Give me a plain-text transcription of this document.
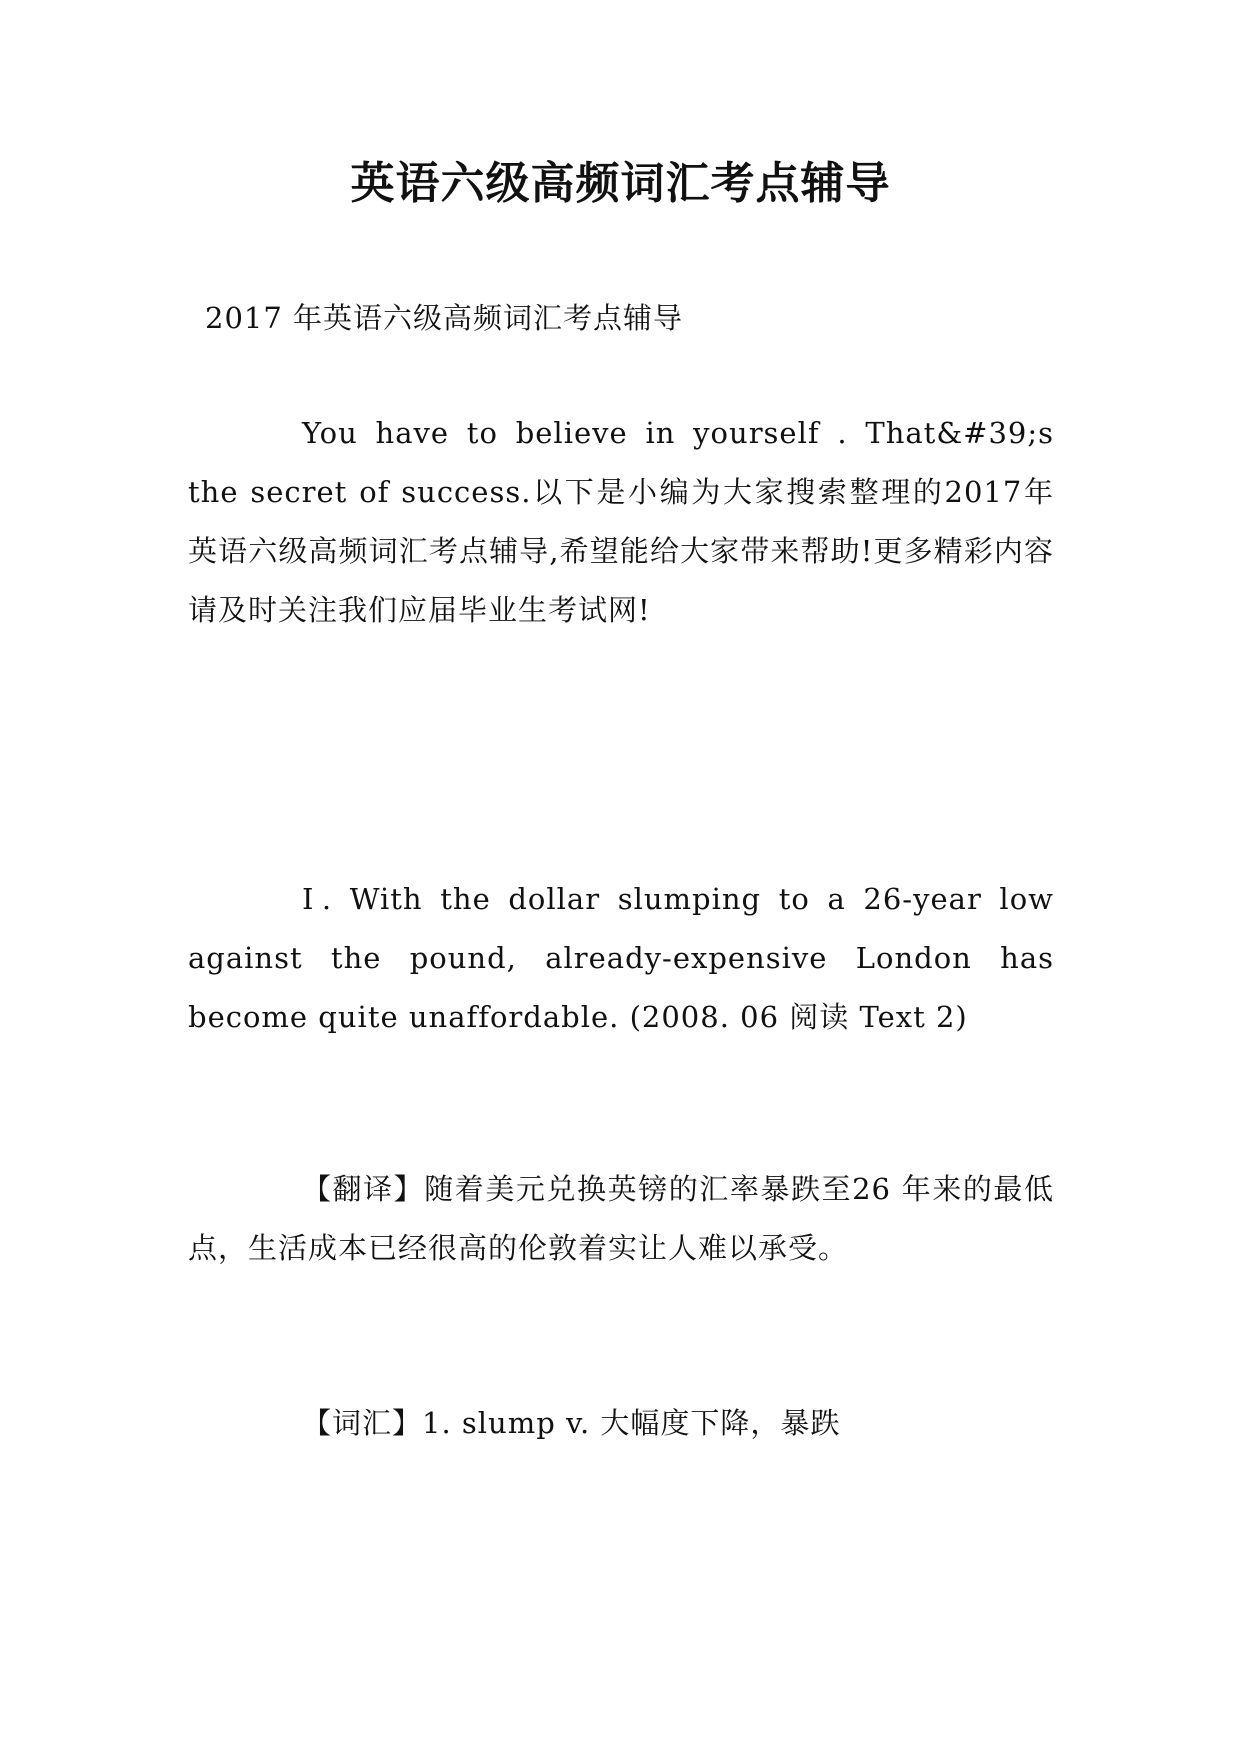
英语六级高频词汇考点辅导

2017 年英语六级高频词汇考点辅导

You have to believe in yourself . That&#39;s the secret of success.以下是小编为大家搜索整理的2017年英语六级高频词汇考点辅导,希望能给大家带来帮助!更多精彩内容请及时关注我们应届毕业生考试网!

Ⅰ. With the dollar slumping to a 26-year low against the pound, already-expensive London has become quite unaffordable. (2008. 06 阅读 Text 2)

【翻译】随着美元兑换英镑的汇率暴跌至26 年来的最低点，生活成本已经很高的伦敦着实让人难以承受。

【词汇】1. slump v. 大幅度下降，暴跌
